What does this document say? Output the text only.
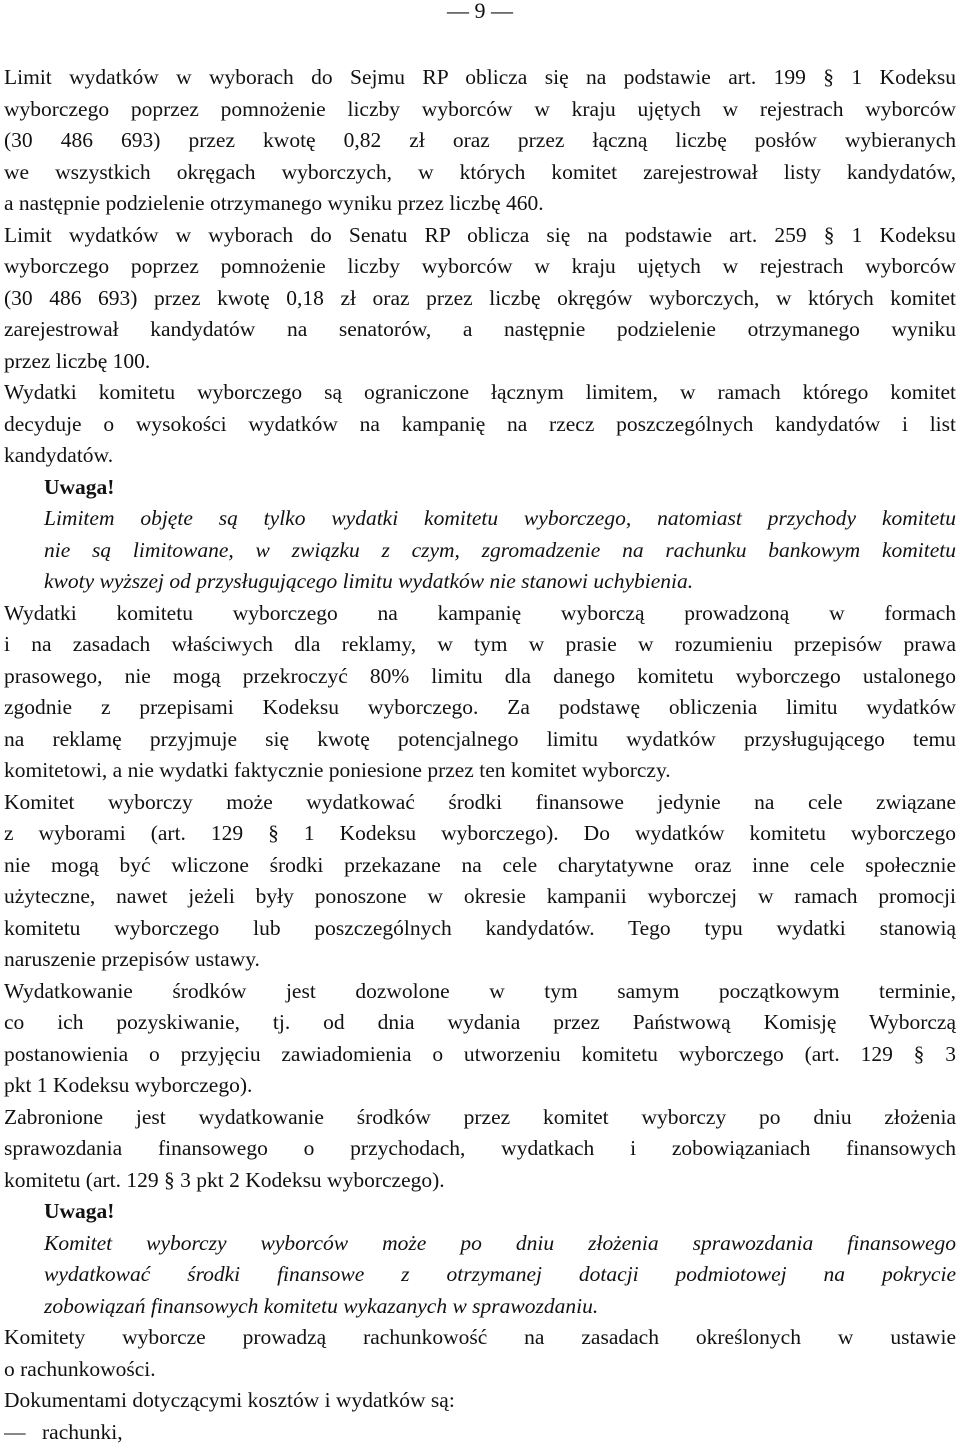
— 9 —
Limit wydatków w wyborach do Sejmu RP oblicza się na podstawie art. 199 § 1 Kodeksu
wyborczego poprzez pomnożenie liczby wyborców w kraju ujętych w rejestrach wyborców
(30 486 693) przez kwotę 0,82 zł oraz przez łączną liczbę posłów wybieranych
we wszystkich okręgach wyborczych, w których komitet zarejestrował listy kandydatów,
a następnie podzielenie otrzymanego wyniku przez liczbę 460.
Limit wydatków w wyborach do Senatu RP oblicza się na podstawie art. 259 § 1 Kodeksu
wyborczego poprzez pomnożenie liczby wyborców w kraju ujętych w rejestrach wyborców
(30 486 693) przez kwotę 0,18 zł oraz przez liczbę okręgów wyborczych, w których komitet
zarejestrował kandydatów na senatorów, a następnie podzielenie otrzymanego wyniku
przez liczbę 100.
Wydatki komitetu wyborczego są ograniczone łącznym limitem, w ramach którego komitet
decyduje o wysokości wydatków na kampanię na rzecz poszczególnych kandydatów i list
kandydatów.
Uwaga!
Limitem objęte są tylko wydatki komitetu wyborczego, natomiast przychody komitetu
nie są limitowane, w związku z czym, zgromadzenie na rachunku bankowym komitetu
kwoty wyższej od przysługującego limitu wydatków nie stanowi uchybienia.
Wydatki komitetu wyborczego na kampanię wyborczą prowadzoną w formach
i na zasadach właściwych dla reklamy, w tym w prasie w rozumieniu przepisów prawa
prasowego, nie mogą przekroczyć 80% limitu dla danego komitetu wyborczego ustalonego
zgodnie z przepisami Kodeksu wyborczego. Za podstawę obliczenia limitu wydatków
na reklamę przyjmuje się kwotę potencjalnego limitu wydatków przysługującego temu
komitetowi, a nie wydatki faktycznie poniesione przez ten komitet wyborczy.
Komitet wyborczy może wydatkować środki finansowe jedynie na cele związane
z wyborami (art. 129 § 1 Kodeksu wyborczego). Do wydatków komitetu wyborczego
nie mogą być wliczone środki przekazane na cele charytatywne oraz inne cele społecznie
użyteczne, nawet jeżeli były ponoszone w okresie kampanii wyborczej w ramach promocji
komitetu wyborczego lub poszczególnych kandydatów. Tego typu wydatki stanowią
naruszenie przepisów ustawy.
Wydatkowanie środków jest dozwolone w tym samym początkowym terminie,
co ich pozyskiwanie, tj. od dnia wydania przez Państwową Komisję Wyborczą
postanowienia o przyjęciu zawiadomienia o utworzeniu komitetu wyborczego (art. 129 § 3
pkt 1 Kodeksu wyborczego).
Zabronione jest wydatkowanie środków przez komitet wyborczy po dniu złożenia
sprawozdania finansowego o przychodach, wydatkach i zobowiązaniach finansowych
komitetu (art. 129 § 3 pkt 2 Kodeksu wyborczego).
Uwaga!
Komitet wyborczy wyborców może po dniu złożenia sprawozdania finansowego
wydatkować środki finansowe z otrzymanej dotacji podmiotowej na pokrycie
zobowiązań finansowych komitetu wykazanych w sprawozdaniu.
Komitety wyborcze prowadzą rachunkowość na zasadach określonych w ustawie
o rachunkowości.
Dokumentami dotyczącymi kosztów i wydatków są:
— rachunki,
